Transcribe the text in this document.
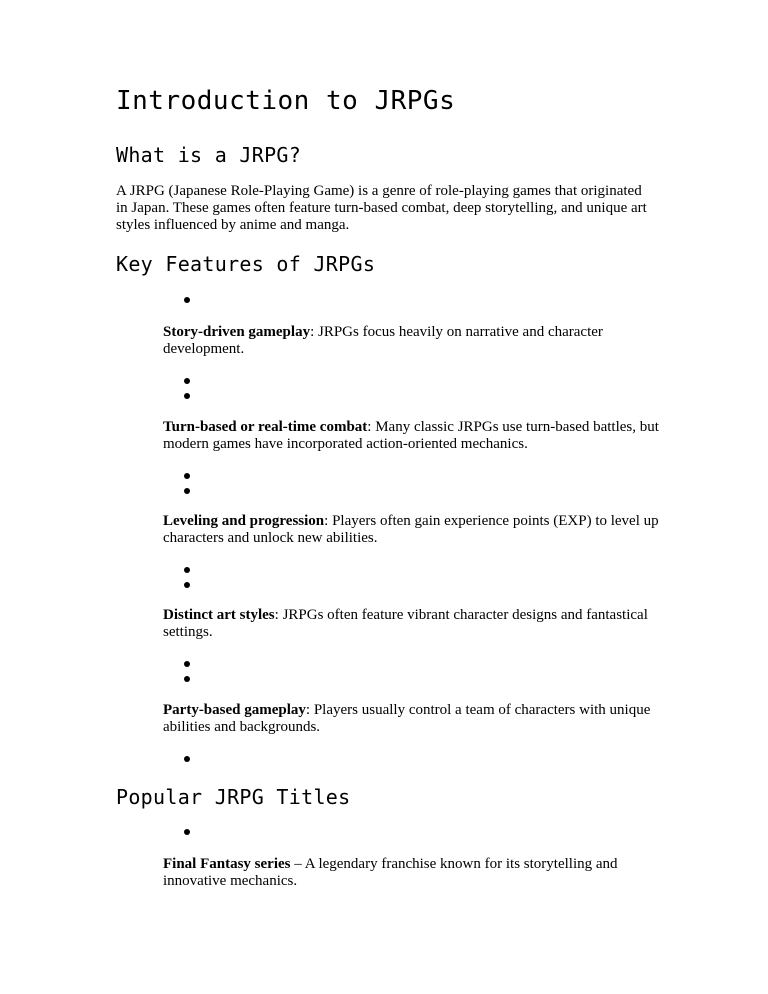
Introduction to JRPGs
What is a JRPG?

A JRPG (Japanese Role-Playing Game) is a genre of role-playing games that originated in Japan. These games often feature turn-based combat, deep storytelling, and unique art styles influenced by anime and manga.

Key Features of JRPGs

Story-driven gameplay: JRPGs focus heavily on narrative and character development.

Turn-based or real-time combat: Many classic JRPGs use turn-based battles, but modern games have incorporated action-oriented mechanics.

Leveling and progression: Players often gain experience points (EXP) to level up characters and unlock new abilities.

Distinct art styles: JRPGs often feature vibrant character designs and fantastical settings.

Party-based gameplay: Players usually control a team of characters with unique abilities and backgrounds.

Popular JRPG Titles

Final Fantasy series – A legendary franchise known for its storytelling and innovative mechanics.
